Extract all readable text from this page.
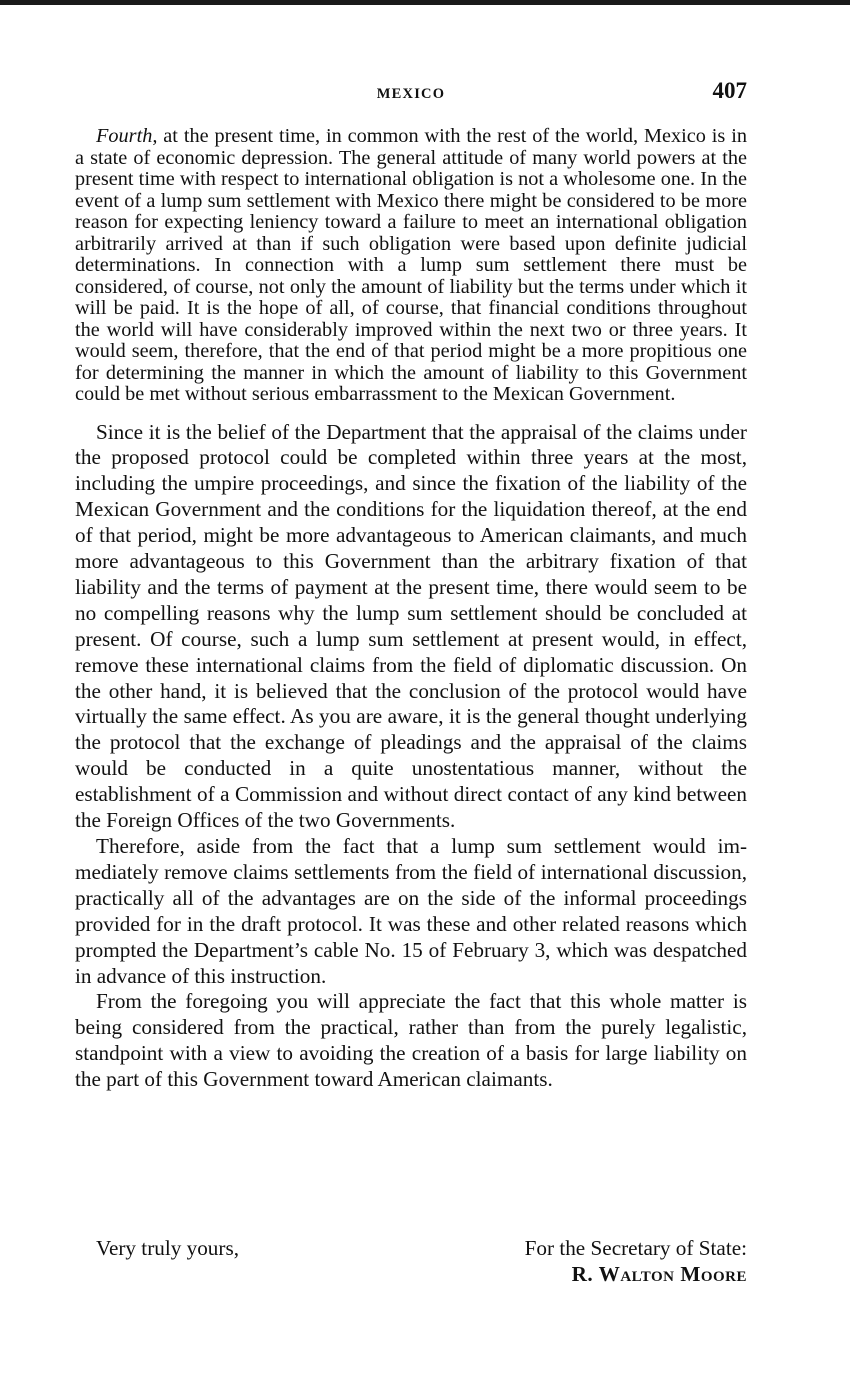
MEXICO	407

Fourth, at the present time, in common with the rest of the world, Mexico is in a state of economic depression. The general attitude of many world powers at the present time with respect to international obligation is not a wholesome one. In the event of a lump sum settlement with Mexico there might be considered to be more reason for expecting leniency toward a failure to meet an international obligation arbitrarily arrived at than if such obligation were based upon definite judicial determinations. In connection with a lump sum settlement there must be considered, of course, not only the amount of liability but the terms under which it will be paid. It is the hope of all, of course, that financial conditions throughout the world will have considerably improved within the next two or three years. It would seem, therefore, that the end of that period might be a more propitious one for determining the manner in which the amount of liability to this Government could be met without serious embarrassment to the Mexican Government.

Since it is the belief of the Department that the appraisal of the claims under the proposed protocol could be completed within three years at the most, including the umpire proceedings, and since the fixation of the liability of the Mexican Government and the conditions for the liquidation thereof, at the end of that period, might be more advantageous to American claimants, and much more advantageous to this Government than the arbitrary fixation of that liability and the terms of payment at the present time, there would seem to be no compelling reasons why the lump sum settlement should be concluded at present. Of course, such a lump sum settlement at present would, in effect, remove these international claims from the field of diplomatic discussion. On the other hand, it is believed that the conclusion of the protocol would have virtually the same effect. As you are aware, it is the general thought underlying the protocol that the exchange of pleadings and the appraisal of the claims would be conducted in a quite unostentatious manner, without the establishment of a Commission and without direct contact of any kind between the Foreign Offices of the two Governments.

Therefore, aside from the fact that a lump sum settlement would immediately remove claims settlements from the field of international discussion, practically all of the advantages are on the side of the informal proceedings provided for in the draft protocol. It was these and other related reasons which prompted the Department’s cable No. 15 of February 3, which was despatched in advance of this instruction.

From the foregoing you will appreciate the fact that this whole matter is being considered from the practical, rather than from the purely legalistic, standpoint with a view to avoiding the creation of a basis for large liability on the part of this Government toward American claimants.

Very truly yours,	For the Secretary of State:
R. Walton Moore
